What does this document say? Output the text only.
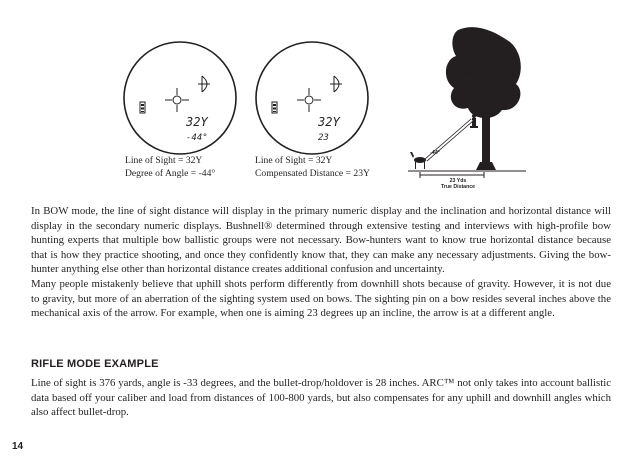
32Y
-44°
32Y
23
Line of Sight = 32Y
Degree of Angle = -44°
Line of Sight = 32Y
Compensated Distance = 23Y
32 Yds
Line of Sight
-44°
23 Yds
True Distance
In BOW mode, the line of sight distance will display in the primary numeric display and the inclination and horizontal distance will display in the secondary numeric displays. Bushnell® determined through extensive testing and interviews with high-profile bow hunting experts that multiple bow ballistic groups were not necessary. Bow-hunters want to know true horizontal distance because that is how they practice shooting, and once they confidently know that, they can make any necessary adjustments. Giving the bow-hunter anything else other than horizontal distance creates additional confusion and uncertainty.
Many people mistakenly believe that uphill shots perform differently from downhill shots because of gravity. However, it is not due to gravity, but more of an aberration of the sighting system used on bows. The sighting pin on a bow resides several inches above the mechanical axis of the arrow. For example, when one is aiming 23 degrees up an incline, the arrow is at a different angle.
RIFLE MODE EXAMPLE
Line of sight is 376 yards, angle is -33 degrees, and the bullet-drop/holdover is 28 inches. ARC™ not only takes into account ballistic data based off your caliber and load from distances of 100-800 yards, but also compensates for any uphill and downhill angles which also affect bullet-drop.
14
